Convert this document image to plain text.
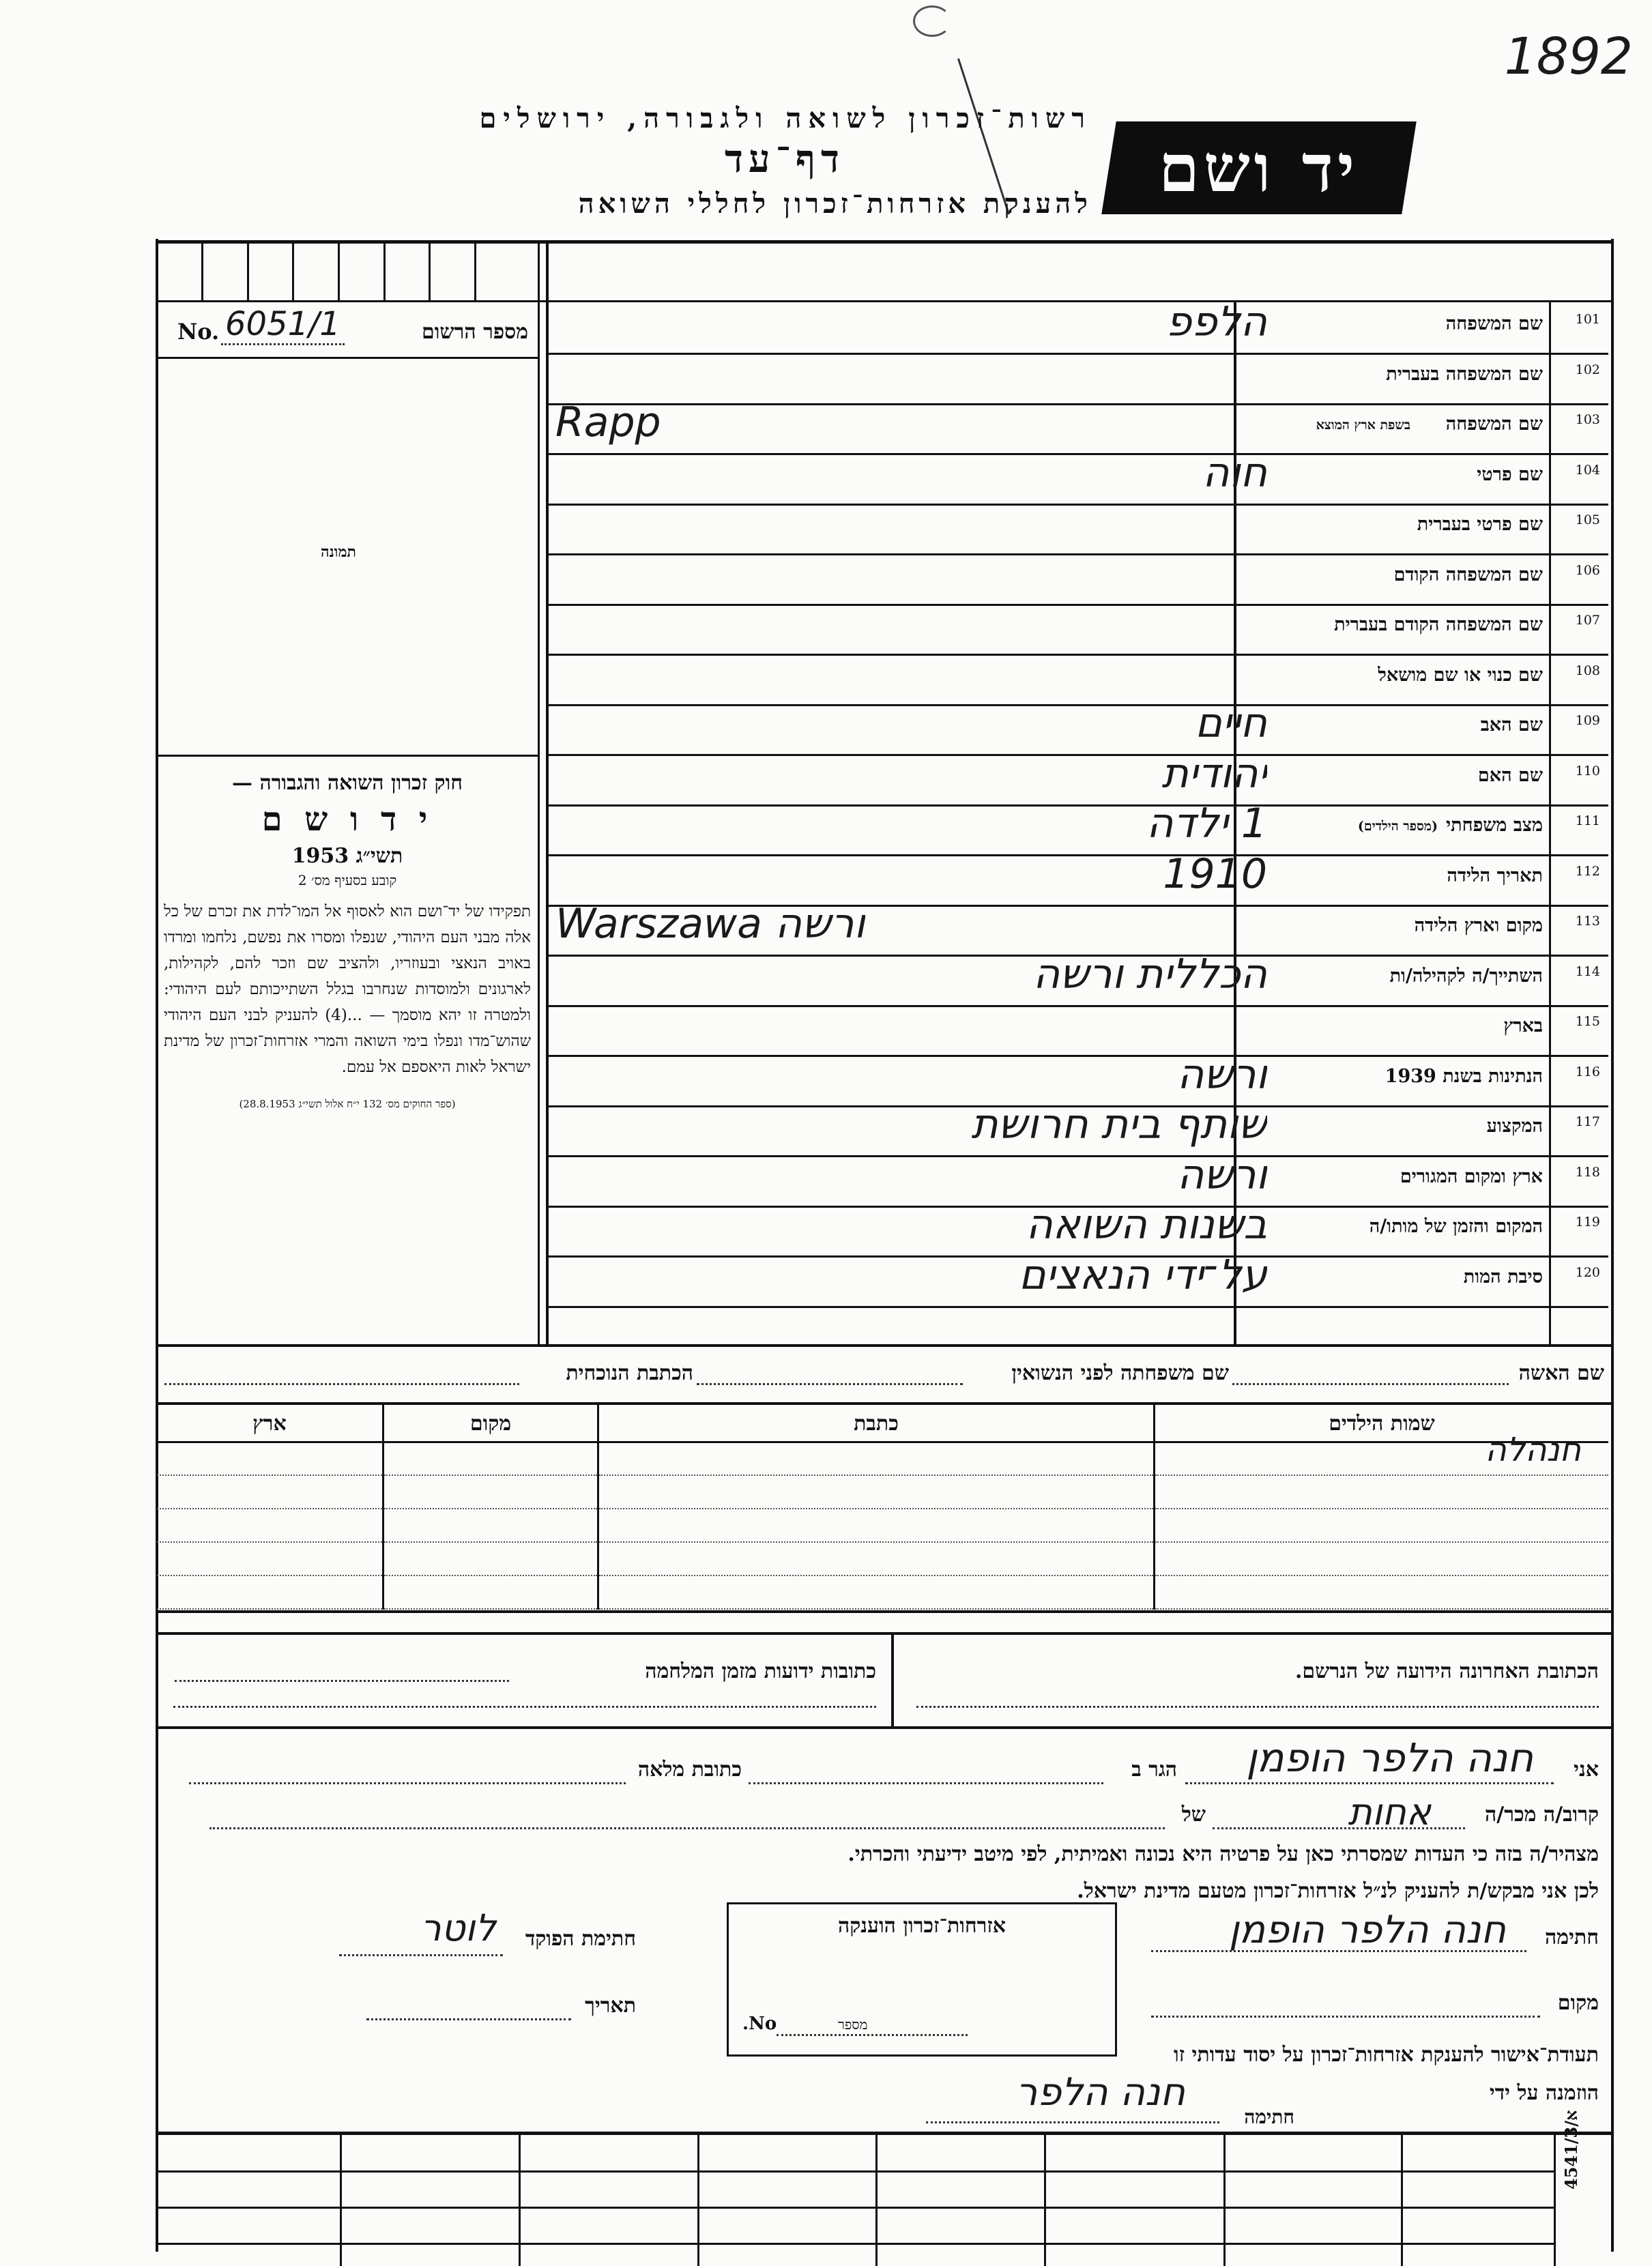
1892
יד ושם
רשות־זכרון לשואה ולגבורה, ירושלים
דף־עד
להענקת אזרחות־זכרון לחללי השואה
מספר הרשום
No. 6051/1
תמונה
חוק זכרון השואה והגבורה —
י ד ו ש ם
תשי״ג 1953
קובע בסעיף מס׳ 2
תפקידו של יד־ושם הוא לאסוף אל המו־לדת את זכרם של כל אלה מבני העם היהודי, שנפלו ומסרו את נפשם, נלחמו ומרדו באויב הנאצי ובעוזריו, ולהציב שם וזכר להם, לקהילות, לארגונים ולמוסדות שנחרבו בגלל השתייכותם לעם היהודי: ולמטרה זו יהא מוסמך — ...(4) להעניק לבני העם היהודי שהוש־מדו ונפלו בימי השואה והמרי אזרחות־זכרון של מדינת ישראל לאות היאספם אל עמם.
(ספר החוקים מס׳ 132 י״ח אלול תשי״ג 28.8.1953)
101
שם המשפחה
הלפפ
102
שם המשפחה בעברית
103
שם המשפחה
בשפת ארץ המוצא
Rapp
104
שם פרטי
חוה
105
שם פרטי בעברית
106
שם המשפחה הקודם
107
שם המשפחה הקודם בעברית
108
שם כנוי או שם מושאל
109
שם האב
חיים
110
שם האם
יהודית
111
מצב משפחתי
(מספר הילדים)
1 ילדה
112
תאריך הלידה
1910
113
מקום וארץ הלידה
Warszawa ורשה
114
השתייך/ה לקהילה/ות
הכללית ורשה
115
בארץ
116
הנתינות בשנת 1939
ורשה
117
המקצוע
שותף בית חרושת
118
ארץ ומקום המגורים
ורשה
119
המקום והזמן של מותו/ה
בשנות השואה
120
סיבת המות
על־ידי הנאצים
שם האשה
שם משפחתה לפני הנשואין
הכתבת הנוכחית
שמות הילדים
כתבת
מקום
ארץ
חנהלה
הכתובת האחרונה הידועה של הנרשם.
כתובות ידועות מזמן המלחמה
אני
חנה הלפר הופמן
הגר ב
כתובת מלאה
קרוב/ה מכר/ה
אחות
של
מצהיר/ה בזה כי העדות שמסרתי כאן על פרטיה היא נכונה ואמיתית, לפי מיטב ידיעתי והכרתי.
לכן אני מבקש/ת להעניק לנ״ל אזרחות־זכרון מטעם מדינת ישראל.
חתימה
חנה הלפר הופמן
מקום
אזרחות־זכרון הוענקה
No.	מספר
חתימת הפוקד
לוטר
תאריך
תעודת־אישור להענקת אזרחות־זכרון על יסוד עדותי זו
הוזמנה על ידי
חתימה
חנה הלפר
א/4541/3
